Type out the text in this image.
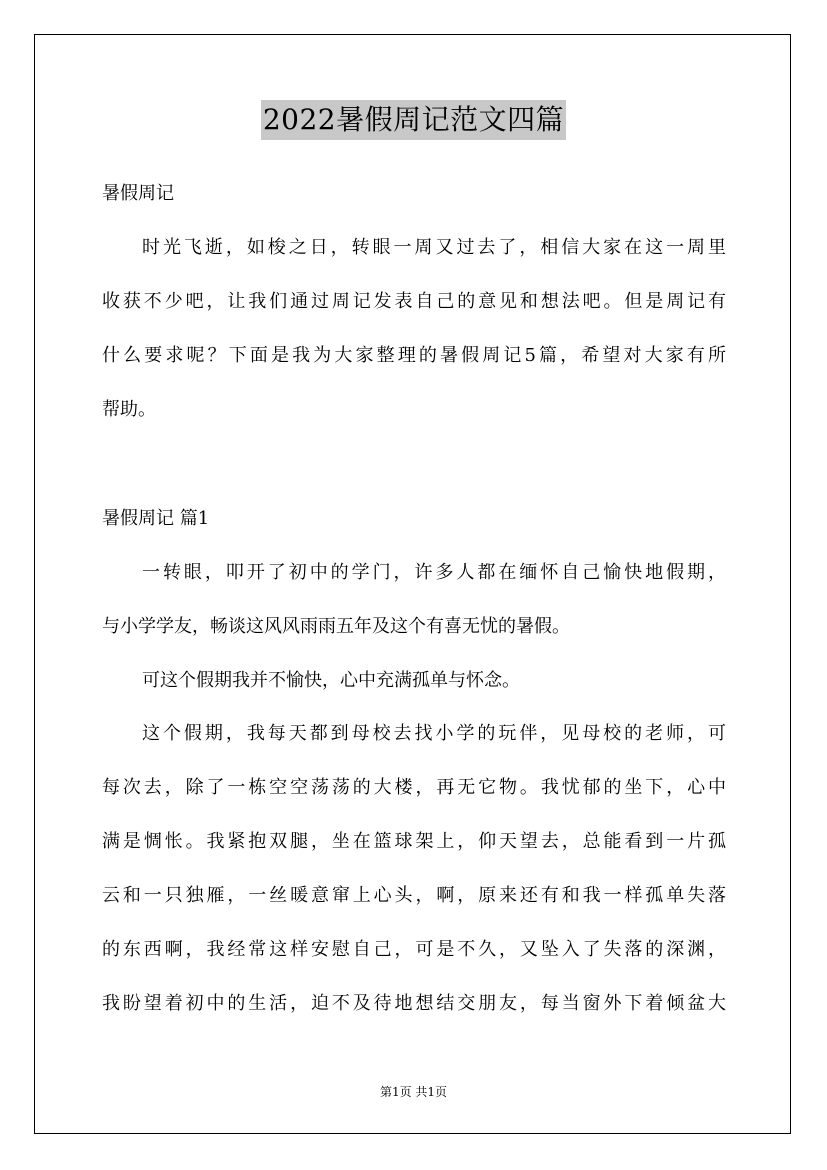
2022暑假周记范文四篇
暑假周记
时光飞逝，如梭之日，转眼一周又过去了，相信大家在这一周里
收获不少吧，让我们通过周记发表自己的意见和想法吧。但是周记有
什么要求呢？下面是我为大家整理的暑假周记5篇，希望对大家有所
帮助。
暑假周记 篇1
一转眼，叩开了初中的学门，许多人都在缅怀自己愉快地假期，
与小学学友，畅谈这风风雨雨五年及这个有喜无忧的暑假。
可这个假期我并不愉快，心中充满孤单与怀念。
这个假期，我每天都到母校去找小学的玩伴，见母校的老师，可
每次去，除了一栋空空荡荡的大楼，再无它物。我忧郁的坐下，心中
满是惆怅。我紧抱双腿，坐在篮球架上，仰天望去，总能看到一片孤
云和一只独雁，一丝暖意窜上心头，啊，原来还有和我一样孤单失落
的东西啊，我经常这样安慰自己，可是不久，又坠入了失落的深渊，
我盼望着初中的生活，迫不及待地想结交朋友，每当窗外下着倾盆大
第1页 共1页
